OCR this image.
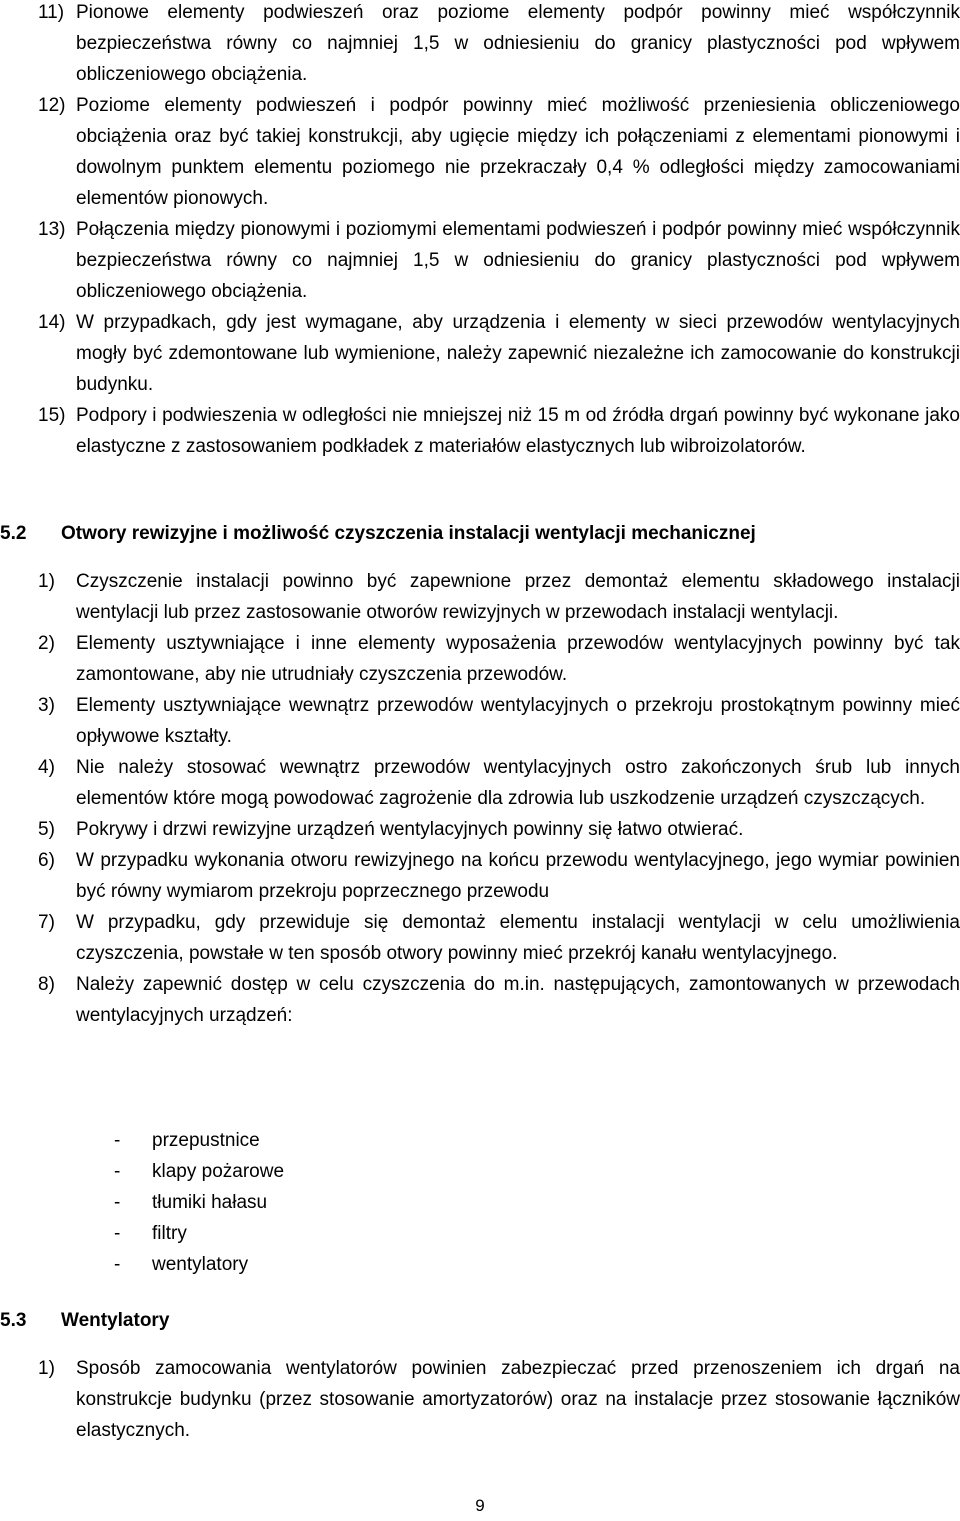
11) Pionowe elementy podwieszeń oraz poziome elementy podpór powinny mieć współczynnik bezpieczeństwa równy co najmniej 1,5 w odniesieniu do granicy plastyczności pod wpływem obliczeniowego obciążenia.
12) Poziome elementy podwieszeń i podpór powinny mieć możliwość przeniesienia obliczeniowego obciążenia oraz być takiej konstrukcji, aby ugięcie między ich połączeniami z elementami pionowymi i dowolnym punktem elementu poziomego nie przekraczały 0,4 % odległości między zamocowaniami elementów pionowych.
13) Połączenia między pionowymi i poziomymi elementami podwieszeń i podpór powinny mieć współczynnik bezpieczeństwa równy co najmniej 1,5 w odniesieniu do granicy plastyczności pod wpływem obliczeniowego obciążenia.
14) W przypadkach, gdy jest wymagane, aby urządzenia i elementy w sieci przewodów wentylacyjnych mogły być zdemontowane lub wymienione, należy zapewnić niezależne ich zamocowanie do konstrukcji budynku.
15) Podpory i podwieszenia w odległości nie mniejszej niż 15 m od źródła drgań powinny być wykonane jako elastyczne z zastosowaniem podkładek z materiałów elastycznych lub wibroizolatorów.
5.2	Otwory rewizyjne i możliwość czyszczenia instalacji wentylacji mechanicznej
1)	Czyszczenie instalacji powinno być zapewnione przez demontaż elementu składowego instalacji wentylacji lub przez zastosowanie otworów rewizyjnych w przewodach instalacji wentylacji.
2)	Elementy usztywniające i inne elementy wyposażenia przewodów wentylacyjnych powinny być tak zamontowane, aby nie utrudniały czyszczenia przewodów.
3)	Elementy usztywniające wewnątrz przewodów wentylacyjnych o przekroju prostokątnym powinny mieć opływowe kształty.
4)	Nie należy stosować wewnątrz przewodów wentylacyjnych ostro zakończonych śrub lub innych elementów które mogą powodować zagrożenie dla zdrowia lub uszkodzenie urządzeń czyszczących.
5)	Pokrywy i drzwi rewizyjne urządzeń wentylacyjnych powinny się łatwo otwierać.
6)	W przypadku wykonania otworu rewizyjnego na końcu przewodu wentylacyjnego, jego wymiar powinien być równy wymiarom przekroju poprzecznego przewodu
7)	W przypadku, gdy przewiduje się demontaż elementu instalacji wentylacji w celu umożliwienia czyszczenia, powstałe w ten sposób otwory powinny mieć przekrój kanału wentylacyjnego.
8)	Należy zapewnić dostęp w celu czyszczenia do m.in. następujących, zamontowanych w przewodach wentylacyjnych urządzeń:
-	przepustnice
-	klapy pożarowe
-	tłumiki hałasu
-	filtry
-	wentylatory
5.3	Wentylatory
1)	Sposób zamocowania wentylatorów powinien zabezpieczać przed przenoszeniem ich drgań na konstrukcje budynku (przez stosowanie amortyzatorów) oraz na instalacje przez stosowanie łączników elastycznych.
9
